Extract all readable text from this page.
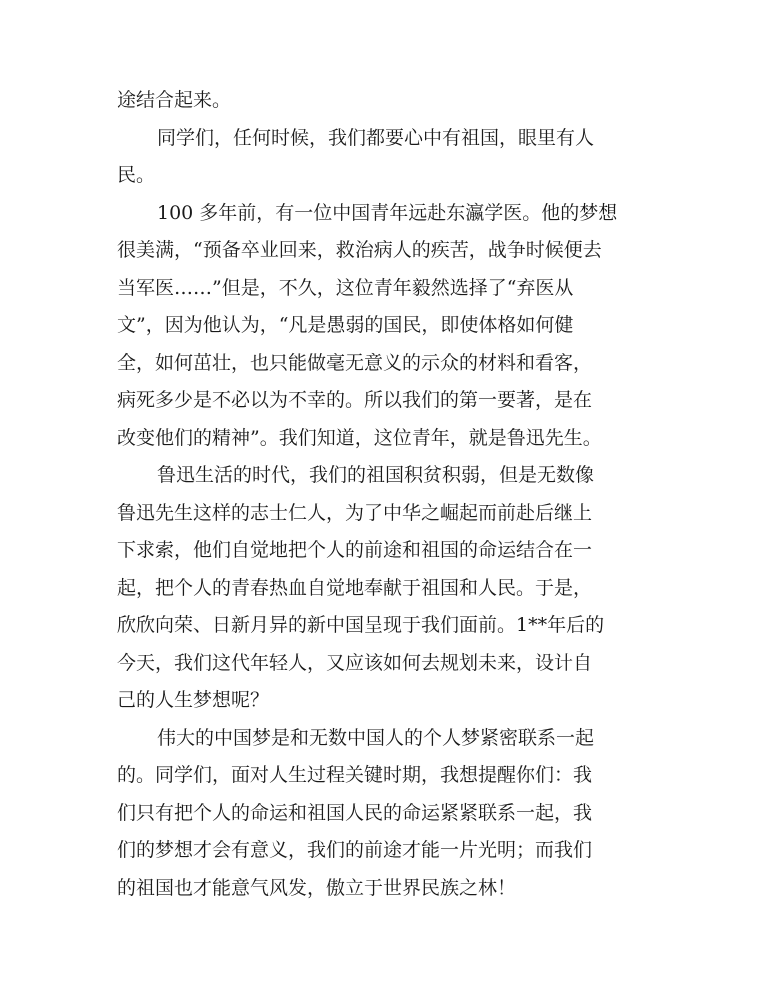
途结合起来。
同学们，任何时候，我们都要心中有祖国，眼里有人
民。
100 多年前，有一位中国青年远赴东瀛学医。他的梦想
很美满，“预备卒业回来，救治病人的疾苦，战争时候便去
当军医……”但是，不久，这位青年毅然选择了“弃医从
文”，因为他认为，“凡是愚弱的国民，即使体格如何健
全，如何茁壮，也只能做毫无意义的示众的材料和看客，
病死多少是不必以为不幸的。所以我们的第一要著，是在
改变他们的精神”。我们知道，这位青年，就是鲁迅先生。
鲁迅生活的时代，我们的祖国积贫积弱，但是无数像
鲁迅先生这样的志士仁人，为了中华之崛起而前赴后继上
下求索，他们自觉地把个人的前途和祖国的命运结合在一
起，把个人的青春热血自觉地奉献于祖国和人民。于是，
欣欣向荣、日新月异的新中国呈现于我们面前。1**年后的
今天，我们这代年轻人，又应该如何去规划未来，设计自
己的人生梦想呢？
伟大的中国梦是和无数中国人的个人梦紧密联系一起
的。同学们，面对人生过程关键时期，我想提醒你们：我
们只有把个人的命运和祖国人民的命运紧紧联系一起，我
们的梦想才会有意义，我们的前途才能一片光明；而我们
的祖国也才能意气风发，傲立于世界民族之林！
